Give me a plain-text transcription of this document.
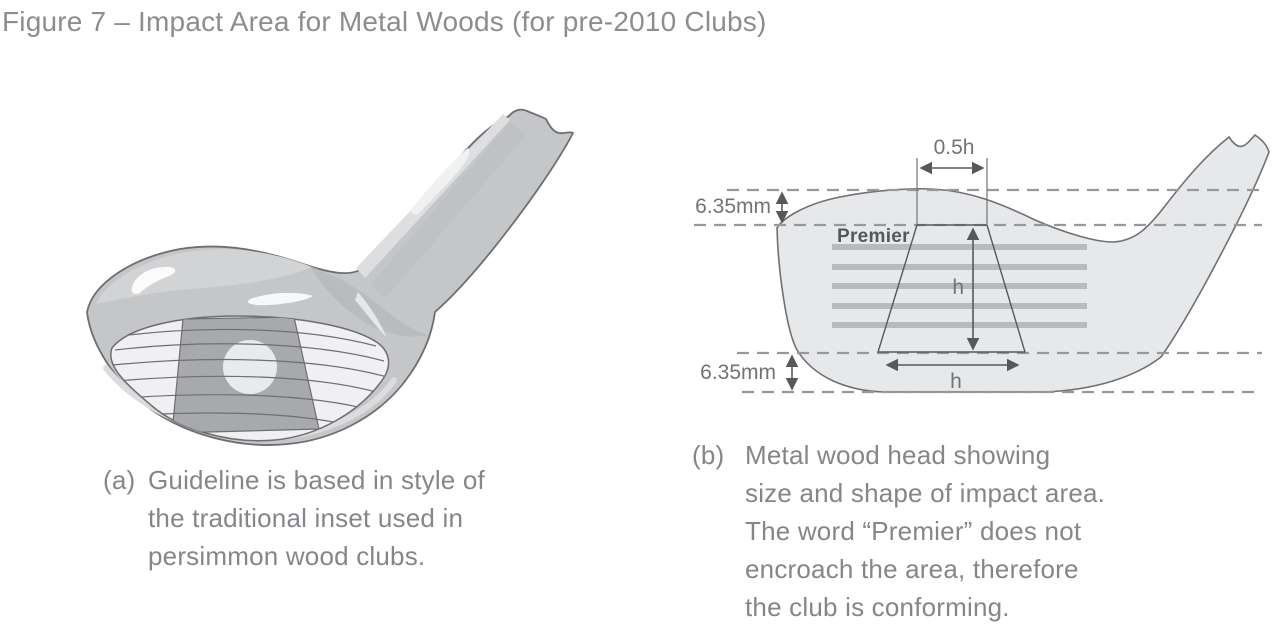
Figure 7 – Impact Area for Metal Woods (for pre-2010 Clubs)
Premier
0.5h
6.35mm
6.35mm
h
h
(a) Guideline is based in style of
the traditional inset used in
persimmon wood clubs.
(b) Metal wood head showing
size and shape of impact area.
The word “Premier” does not
encroach the area, therefore
the club is conforming.
